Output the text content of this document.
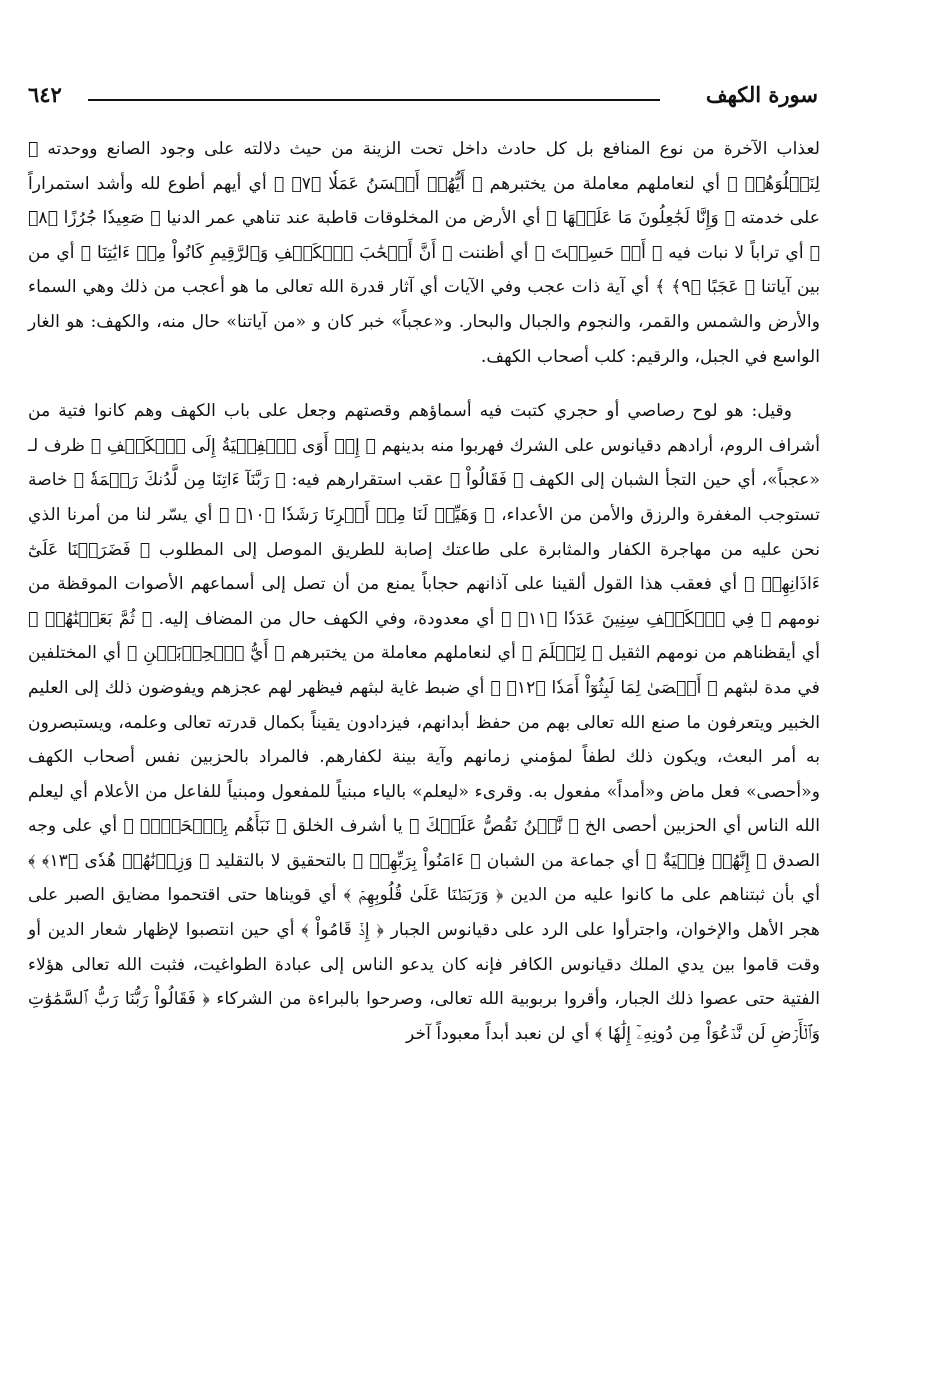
سورة الكهف
٦٤٢

لعذاب الآخرة من نوع المنافع بل كل حادث داخل تحت الزينة من حيث دلالته على وجود الصانع ووحدته ﴿ لِنَبۡلُوَهُمۡ ﴾ أي لنعاملهم معاملة من يختبرهم ﴿ أَيُّهُمۡ أَحۡسَنُ عَمَلٗا ﴿٧﴾ ﴾ أي أيهم أطوع لله وأشد استمراراً على خدمته ﴿ وَإِنَّا لَجَٰعِلُونَ مَا عَلَيۡهَا ﴾ أي الأرض من المخلوقات قاطبة عند تناهي عمر الدنيا ﴿ صَعِيدٗا جُرُزًا ﴿٨﴾ ﴾ أي تراباً لا نبات فيه ﴿ أَمۡ حَسِبۡتَ ﴾ أي أظننت ﴿ أَنَّ أَصۡحَٰبَ ٱلۡكَهۡفِ وَٱلرَّقِيمِ كَانُواْ مِنۡ ءَايَٰتِنَا ﴾ أي من بين آياتنا ﴿ عَجَبًا ﴿٩﴾ ﴾ أي آية ذات عجب وفي الآيات أي آثار قدرة الله تعالى ما هو أعجب من ذلك وهي السماء والأرض والشمس والقمر، والنجوم والجبال والبحار. و«عجباً» خبر كان و «من آياتنا» حال منه، والكهف: هو الغار الواسع في الجبل، والرقيم: كلب أصحاب الكهف.

وقيل: هو لوح رصاصي أو حجري كتبت فيه أسماؤهم وقصتهم وجعل على باب الكهف وهم كانوا فتية من أشراف الروم، أرادهم دقيانوس على الشرك فهربوا منه بدينهم ﴿ إِذۡ أَوَى ٱلۡفِتۡيَةُ إِلَى ٱلۡكَهۡفِ ﴾ ظرف لـ «عجباً»، أي حين التجأ الشبان إلى الكهف ﴿ فَقَالُواْ ﴾ عقب استقرارهم فيه: ﴿ رَبَّنَآ ءَاتِنَا مِن لَّدُنكَ رَحۡمَةٗ ﴾ خاصة تستوجب المغفرة والرزق والأمن من الأعداء، ﴿ وَهَيِّئۡ لَنَا مِنۡ أَمۡرِنَا رَشَدٗا ﴿١٠﴾ ﴾ أي يسّر لنا من أمرنا الذي نحن عليه من مهاجرة الكفار والمثابرة على طاعتك إصابة للطريق الموصل إلى المطلوب ﴿ فَضَرَبۡنَا عَلَىٰٓ ءَاذَانِهِمۡ ﴾ أي فعقب هذا القول ألقينا على آذانهم حجاباً يمنع من أن تصل إلى أسماعهم الأصوات الموقظة من نومهم ﴿ فِي ٱلۡكَهۡفِ سِنِينَ عَدَدٗا ﴿١١﴾ ﴾ أي معدودة، وفي الكهف حال من المضاف إليه. ﴿ ثُمَّ بَعَثۡنَٰهُمۡ ﴾ أي أيقظناهم من نومهم الثقيل ﴿ لِنَعۡلَمَ ﴾ أي لنعاملهم معاملة من يختبرهم ﴿ أَيُّ ٱلۡحِزۡبَيۡنِ ﴾ أي المختلفين في مدة لبثهم ﴿ أَحۡصَىٰ لِمَا لَبِثُوٓاْ أَمَدٗا ﴿١٢﴾ ﴾ أي ضبط غاية لبثهم فيظهر لهم عجزهم ويفوضون ذلك إلى العليم الخبير ويتعرفون ما صنع الله تعالى بهم من حفظ أبدانهم، فيزدادون يقيناً بكمال قدرته تعالى وعلمه، ويستبصرون به أمر البعث، ويكون ذلك لطفاً لمؤمني زمانهم وآية بينة لكفارهم. فالمراد بالحزبين نفس أصحاب الكهف و«أحصى» فعل ماض و«أمداً» مفعول به. وقرىء «ليعلم» بالياء مبنياً للمفعول ومبنياً للفاعل من الأعلام أي ليعلم الله الناس أي الحزبين أحصى الخ ﴿ نَّحۡنُ نَقُصُّ عَلَيۡكَ ﴾ يا أشرف الخلق ﴿ نَبَأَهُم بِٱلۡحَقِّۚ ﴾ أي على وجه الصدق ﴿ إِنَّهُمۡ فِتۡيَةٌ ﴾ أي جماعة من الشبان ﴿ ءَامَنُواْ بِرَبِّهِمۡ ﴾ بالتحقيق لا بالتقليد ﴿ وَزِدۡنَٰهُمۡ هُدٗى ﴿١٣﴾ ﴾ أي بأن ثبتناهم على ما كانوا عليه من الدين ﴿ وَرَبَطۡنَا عَلَىٰ قُلُوبِهِمۡ ﴾ أي قويناها حتى اقتحموا مضايق الصبر على هجر الأهل والإخوان، واجترأوا على الرد على دقيانوس الجبار ﴿ إِذۡ قَامُواْ ﴾ أي حين انتصبوا لإظهار شعار الدين أو وقت قاموا بين يدي الملك دقيانوس الكافر فإنه كان يدعو الناس إلى عبادة الطواغيت، فثبت الله تعالى هؤلاء الفتية حتى عصوا ذلك الجبار، وأقروا بربوبية الله تعالى، وصرحوا بالبراءة من الشركاء ﴿ فَقَالُواْ رَبُّنَا رَبُّ ٱلسَّمَٰوَٰتِ وَٱلۡأَرۡضِ لَن نَّدۡعُوَاْ مِن دُونِهِۦٓ إِلَٰهٗا ﴾ أي لن نعبد أبداً معبوداً آخر
